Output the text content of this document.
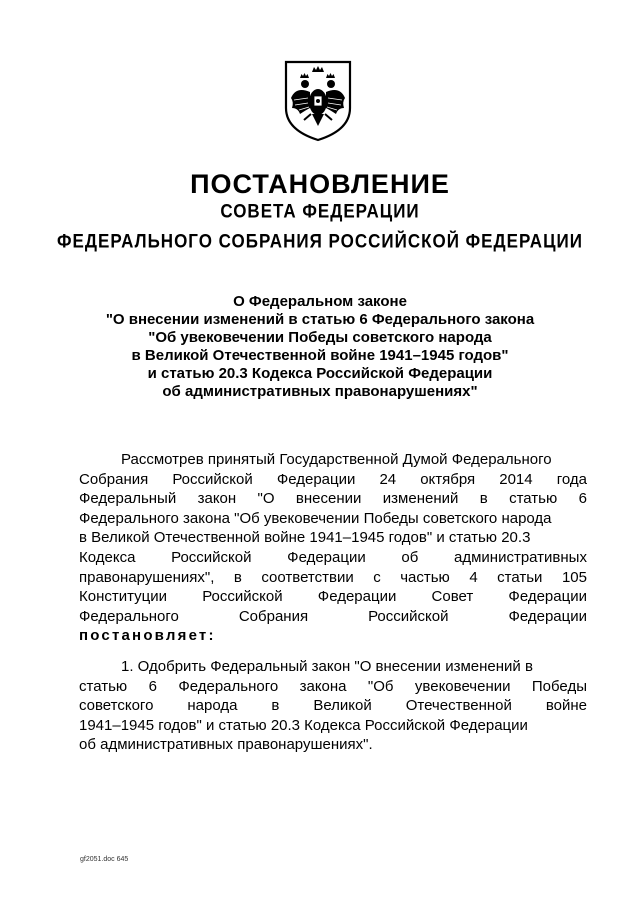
ПОСТАНОВЛЕНИЕ
СОВЕТА ФЕДЕРАЦИИ
ФЕДЕРАЛЬНОГО СОБРАНИЯ РОССИЙСКОЙ ФЕДЕРАЦИИ
О Федеральном законе
"О внесении изменений в статью 6 Федерального закона
"Об увековечении Победы советского народа
в Великой Отечественной войне 1941–1945 годов"
и статью 20.3 Кодекса Российской Федерации
об административных правонарушениях"
Рассмотрев принятый Государственной Думой Федерального
Собрания Российской Федерации 24 октября 2014 года
Федеральный закон "О внесении изменений в статью 6
Федерального закона "Об увековечении Победы советского народа
в Великой Отечественной войне 1941–1945 годов" и статью 20.3
Кодекса Российской Федерации об административных
правонарушениях", в соответствии с частью 4 статьи 105
Конституции Российской Федерации Совет Федерации
Федерального	Собрания	Российской	Федерации
постановляет:
1. Одобрить Федеральный закон "О внесении изменений в
статью 6 Федерального закона "Об увековечении Победы
советского народа в Великой Отечественной войне
1941–1945 годов" и статью 20.3 Кодекса Российской Федерации
об административных правонарушениях".
gf2051.doc 645
